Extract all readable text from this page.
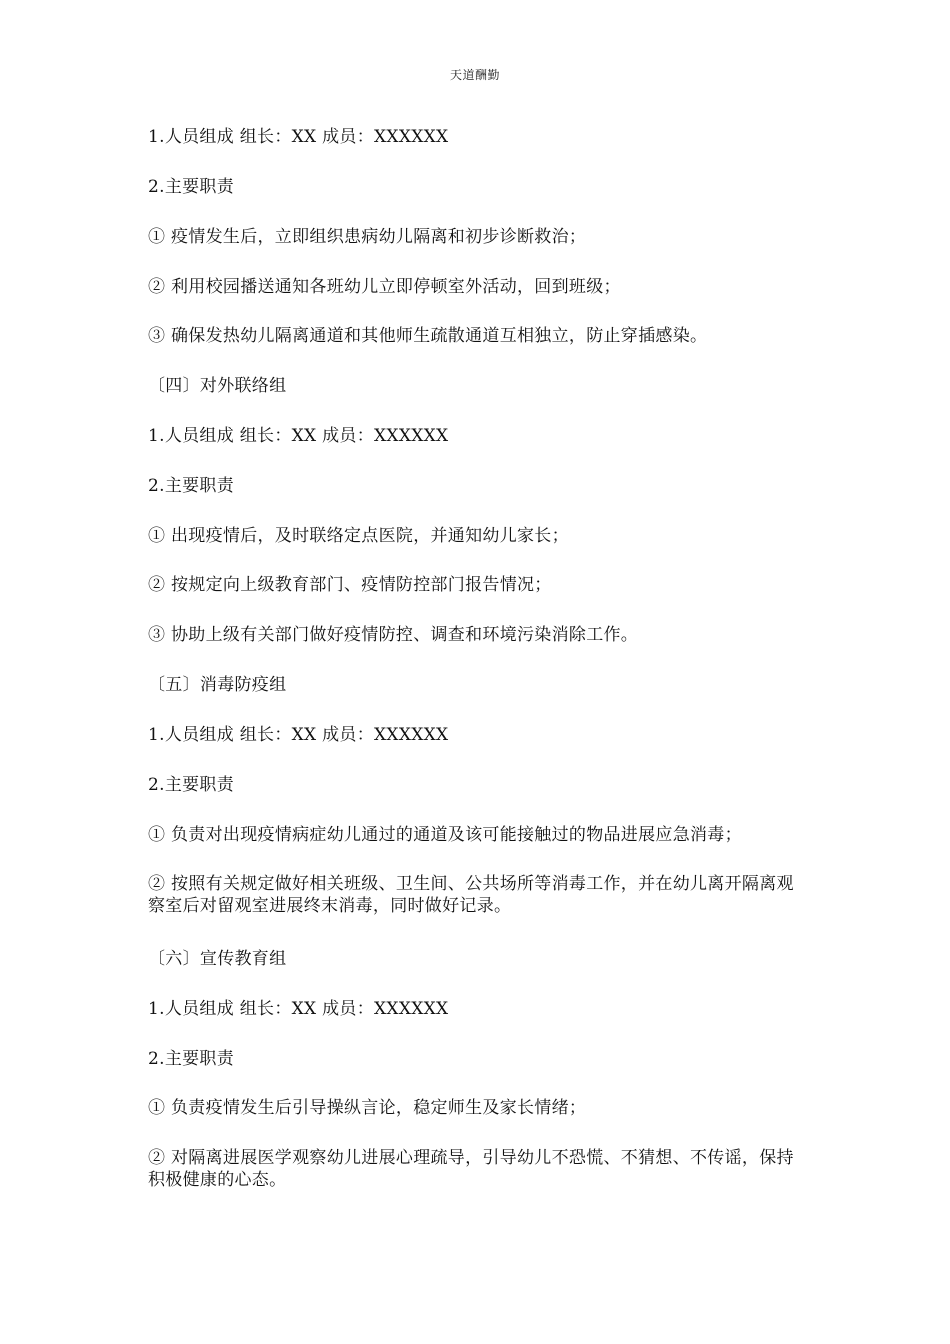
天道酬勤

1.人员组成 组长：XX 成员：XXXXXX

2.主要职责

① 疫情发生后，立即组织患病幼儿隔离和初步诊断救治；

② 利用校园播送通知各班幼儿立即停顿室外活动，回到班级；

③ 确保发热幼儿隔离通道和其他师生疏散通道互相独立，防止穿插感染。

〔四〕对外联络组

1.人员组成 组长：XX 成员：XXXXXX

2.主要职责

① 出现疫情后，及时联络定点医院，并通知幼儿家长；

② 按规定向上级教育部门、疫情防控部门报告情况；

③ 协助上级有关部门做好疫情防控、调查和环境污染消除工作。

〔五〕消毒防疫组

1.人员组成 组长：XX 成员：XXXXXX

2.主要职责

① 负责对出现疫情病症幼儿通过的通道及该可能接触过的物品进展应急消毒；

② 按照有关规定做好相关班级、卫生间、公共场所等消毒工作，并在幼儿离开隔离观察室后对留观室进展终末消毒，同时做好记录。

〔六〕宣传教育组

1.人员组成 组长：XX 成员：XXXXXX

2.主要职责

① 负责疫情发生后引导操纵言论，稳定师生及家长情绪；

② 对隔离进展医学观察幼儿进展心理疏导，引导幼儿不恐慌、不猜想、不传谣，保持积极健康的心态。
